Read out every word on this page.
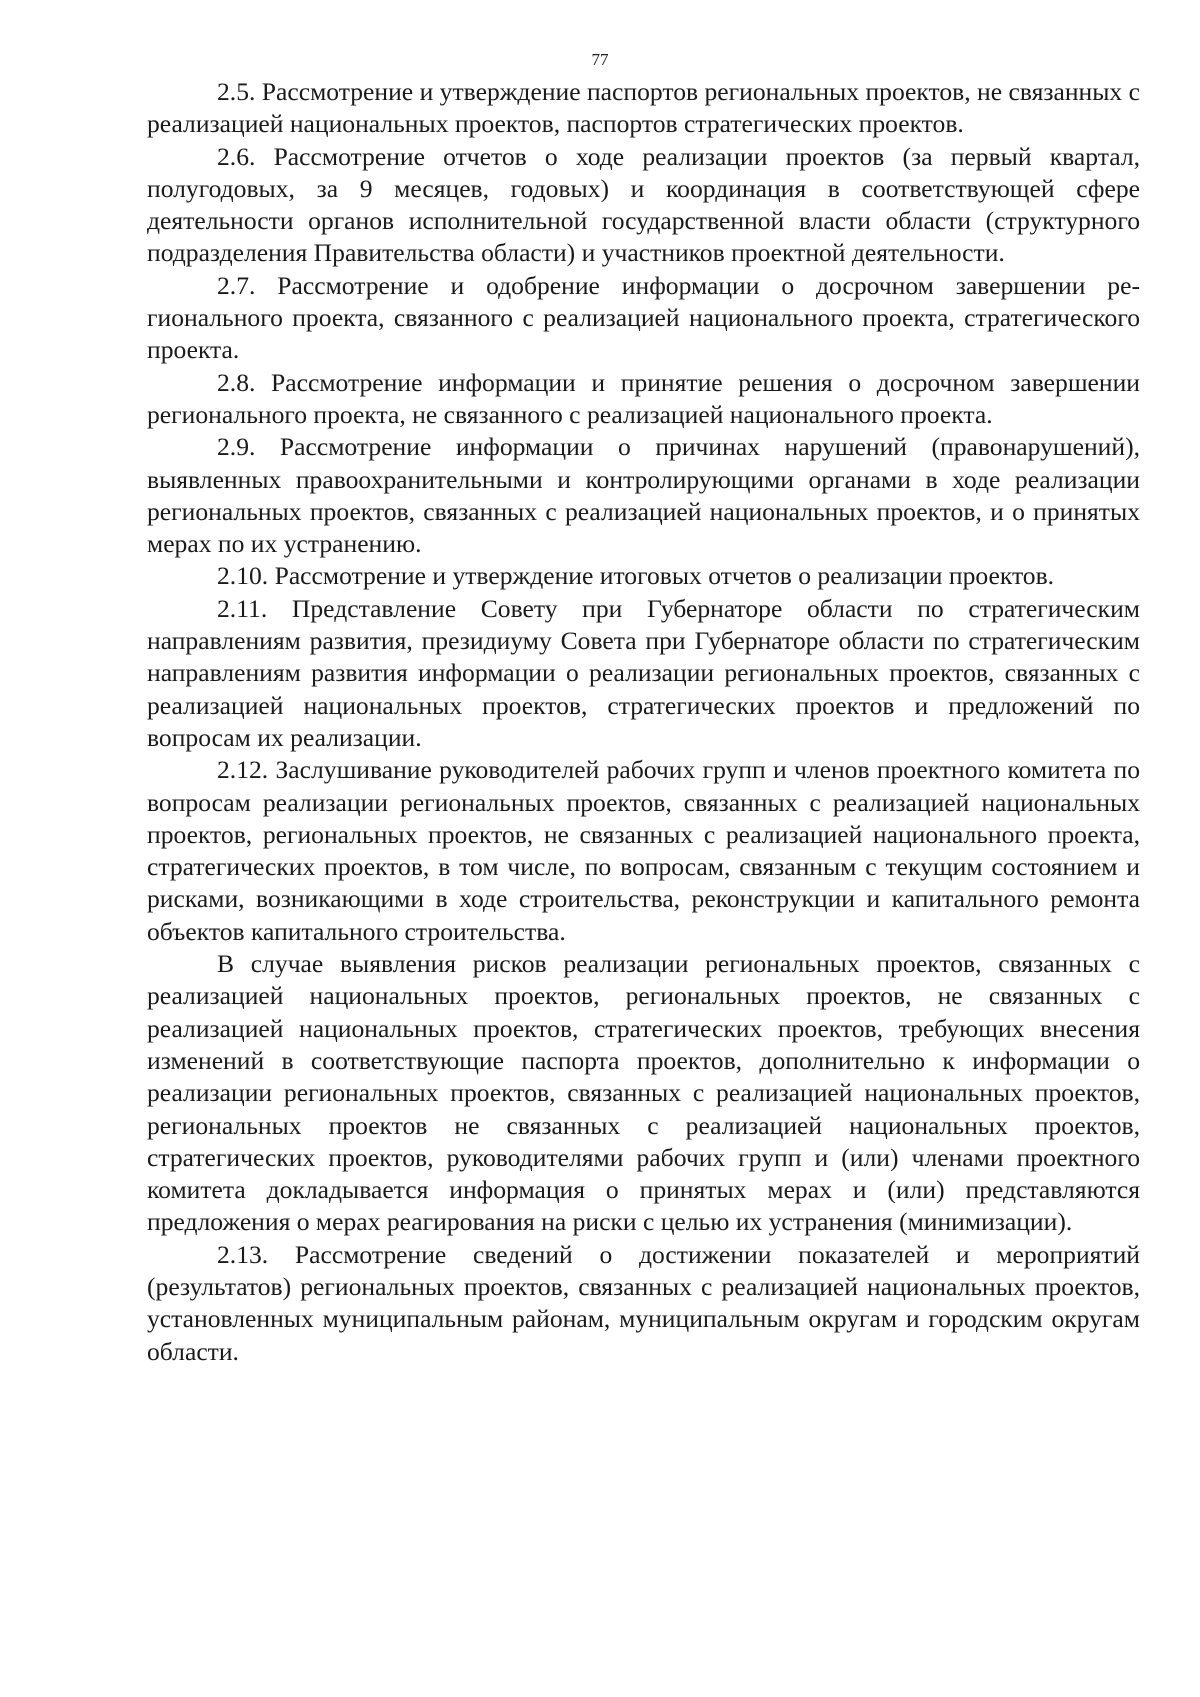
77

2.5. Рассмотрение и утверждение паспортов региональных проектов, не связанных с реализацией национальных проектов, паспортов стратегических проектов.

2.6. Рассмотрение отчетов о ходе реализации проектов (за первый квартал, полугодовых, за 9 месяцев, годовых) и координация в соответствующей сфере деятельности органов исполнительной государственной власти области (структурного подразделения Правительства области) и участников проектной деятельности.

2.7. Рассмотрение и одобрение информации о досрочном завершении регионального проекта, связанного с реализацией национального проекта, стратегического проекта.

2.8. Рассмотрение информации и принятие решения о досрочном завершении регионального проекта, не связанного с реализацией национального проекта.

2.9. Рассмотрение информации о причинах нарушений (правонарушений), выявленных правоохранительными и контролирующими органами в ходе реализации региональных проектов, связанных с реализацией национальных проектов, и о принятых мерах по их устранению.

2.10. Рассмотрение и утверждение итоговых отчетов о реализации проектов.

2.11. Представление Совету при Губернаторе области по стратегическим направлениям развития, президиуму Совета при Губернаторе области по стратегическим направлениям развития информации о реализации региональных проектов, связанных с реализацией национальных проектов, стратегических проектов и предложений по вопросам их реализации.

2.12. Заслушивание руководителей рабочих групп и членов проектного комитета по вопросам реализации региональных проектов, связанных с реализацией национальных проектов, региональных проектов, не связанных с реализацией национального проекта, стратегических проектов, в том числе, по вопросам, связанным с текущим состоянием и рисками, возникающими в ходе строительства, реконструкции и капитального ремонта объектов капитального строительства.

В случае выявления рисков реализации региональных проектов, связанных с реализацией национальных проектов, региональных проектов, не связанных с реализацией национальных проектов, стратегических проектов, требующих внесения изменений в соответствующие паспорта проектов, дополнительно к информации о реализации региональных проектов, связанных с реализацией национальных проектов, региональных проектов не связанных с реализацией национальных проектов, стратегических проектов, руководителями рабочих групп и (или) членами проектного комитета докладывается информация о принятых мерах и (или) представляются предложения о мерах реагирования на риски с целью их устранения (минимизации).

2.13. Рассмотрение сведений о достижении показателей и мероприятий (результатов) региональных проектов, связанных с реализацией национальных проектов, установленных муниципальным районам, муниципальным округам и городским округам области.
